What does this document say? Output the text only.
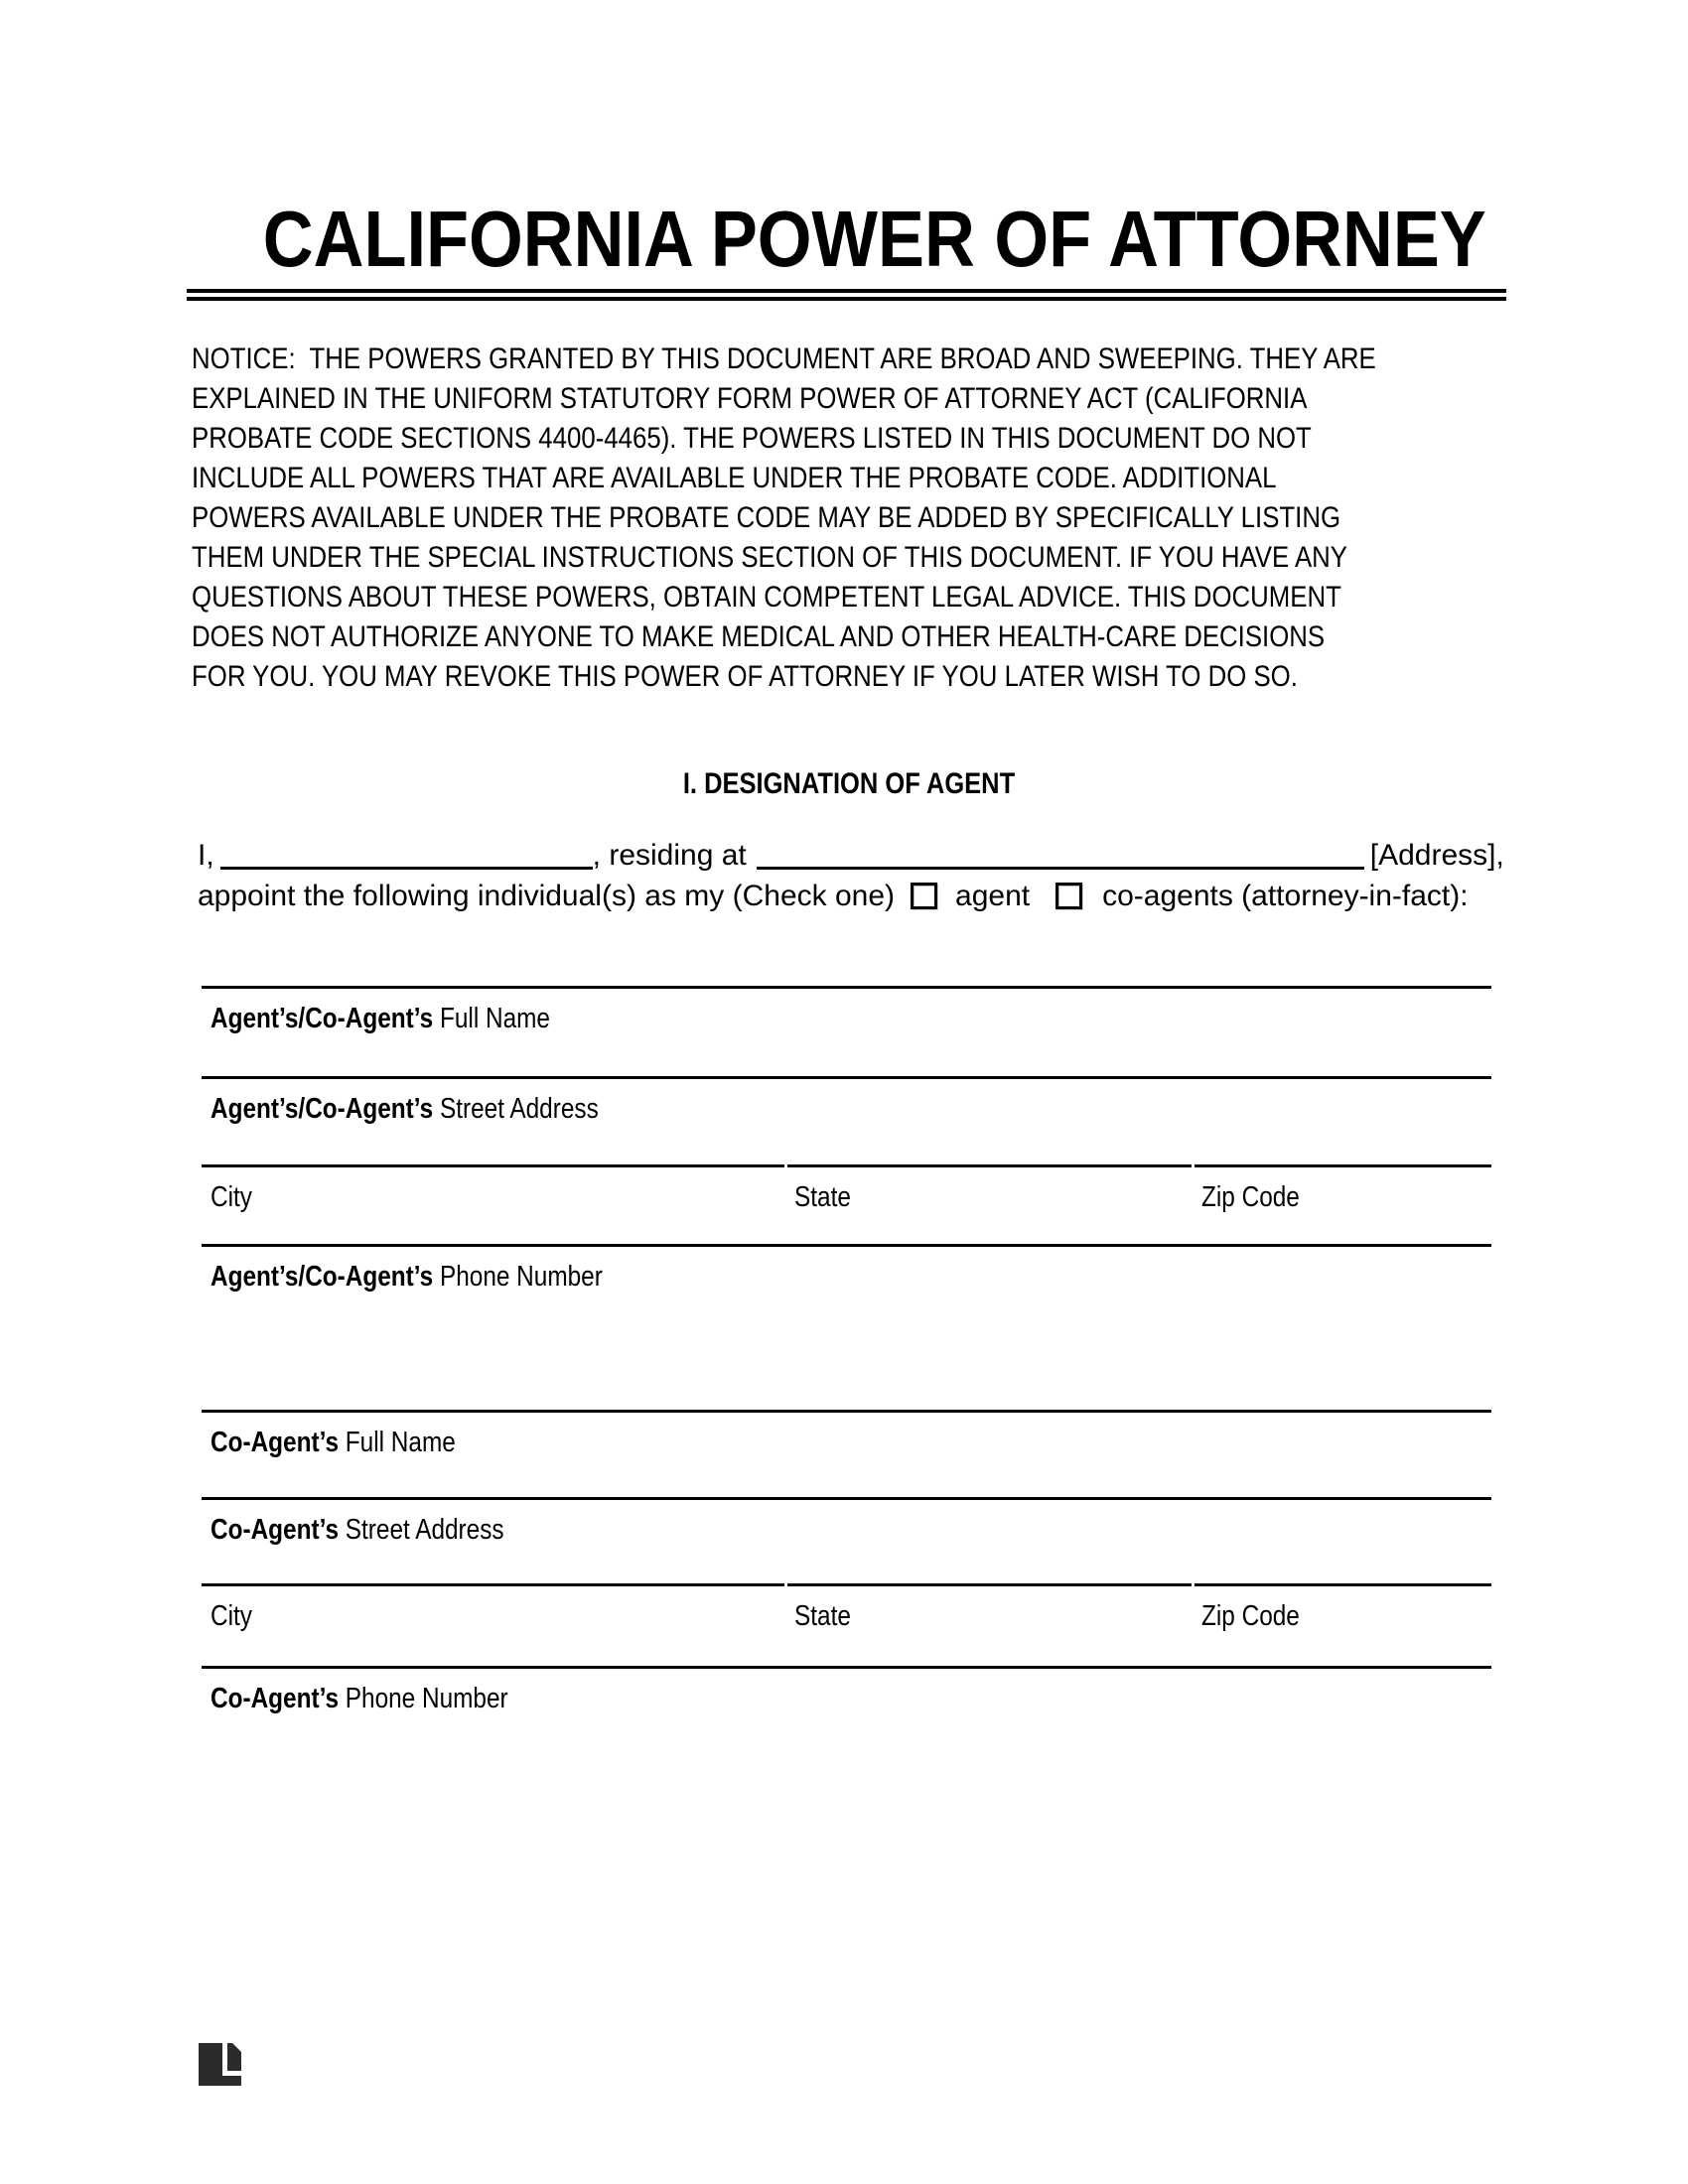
CALIFORNIA POWER OF ATTORNEY
NOTICE:  THE POWERS GRANTED BY THIS DOCUMENT ARE BROAD AND SWEEPING. THEY ARE
EXPLAINED IN THE UNIFORM STATUTORY FORM POWER OF ATTORNEY ACT (CALIFORNIA
PROBATE CODE SECTIONS 4400-4465). THE POWERS LISTED IN THIS DOCUMENT DO NOT
INCLUDE ALL POWERS THAT ARE AVAILABLE UNDER THE PROBATE CODE. ADDITIONAL
POWERS AVAILABLE UNDER THE PROBATE CODE MAY BE ADDED BY SPECIFICALLY LISTING
THEM UNDER THE SPECIAL INSTRUCTIONS SECTION OF THIS DOCUMENT. IF YOU HAVE ANY
QUESTIONS ABOUT THESE POWERS, OBTAIN COMPETENT LEGAL ADVICE. THIS DOCUMENT
DOES NOT AUTHORIZE ANYONE TO MAKE MEDICAL AND OTHER HEALTH-CARE DECISIONS
FOR YOU. YOU MAY REVOKE THIS POWER OF ATTORNEY IF YOU LATER WISH TO DO SO.
I. DESIGNATION OF AGENT
I,	, residing at	[Address],
appoint the following individual(s) as my (Check one) agent co-agents (attorney-in-fact):
Agent’s/Co-Agent’s Full Name
Agent’s/Co-Agent’s Street Address
City	State	Zip Code
Agent’s/Co-Agent’s Phone Number
Co-Agent’s Full Name
Co-Agent’s Street Address
City	State	Zip Code
Co-Agent’s Phone Number
